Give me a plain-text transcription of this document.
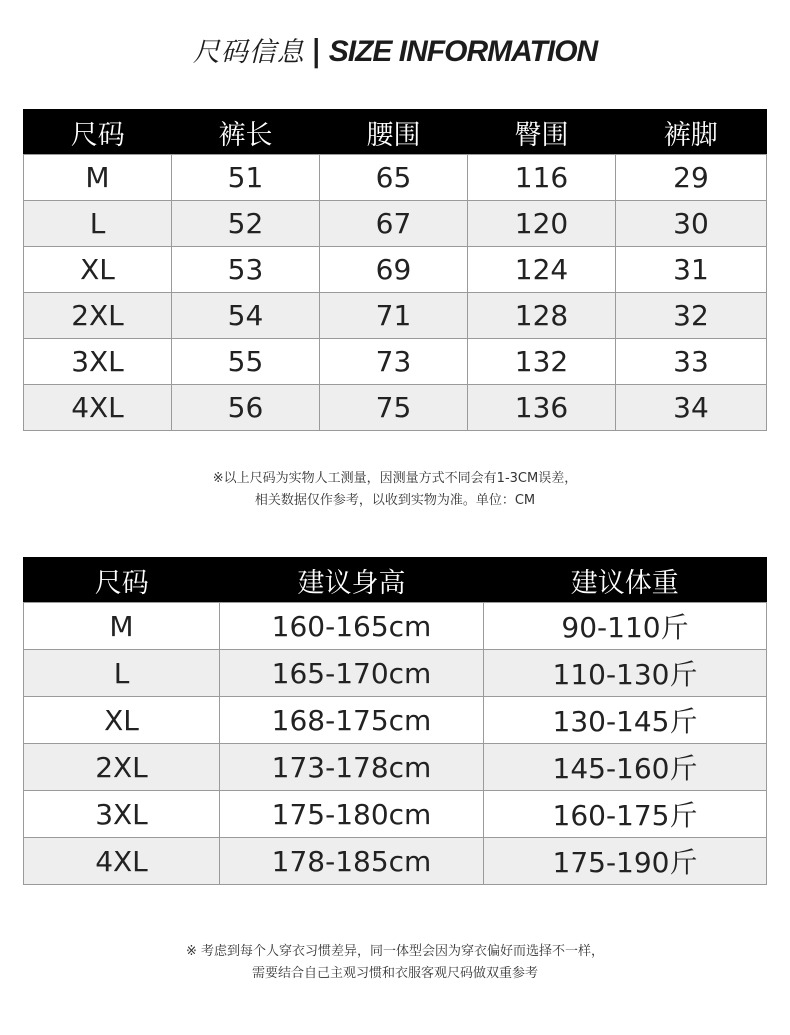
尺码信息 | SIZE INFORMATION
尺码	裤长	腰围	臀围	裤脚
M	51	65	116	29
L	52	67	120	30
XL	53	69	124	31
2XL	54	71	128	32
3XL	55	73	132	33
4XL	56	75	136	34
※以上尺码为实物人工测量，因测量方式不同会有1-3CM误差，
相关数据仅作参考，以收到实物为准。单位：CM
尺码	建议身高	建议体重
M	160-165cm	90-110斤
L	165-170cm	110-130斤
XL	168-175cm	130-145斤
2XL	173-178cm	145-160斤
3XL	175-180cm	160-175斤
4XL	178-185cm	175-190斤
※ 考虑到每个人穿衣习惯差异，同一体型会因为穿衣偏好而选择不一样，
需要结合自己主观习惯和衣服客观尺码做双重参考
